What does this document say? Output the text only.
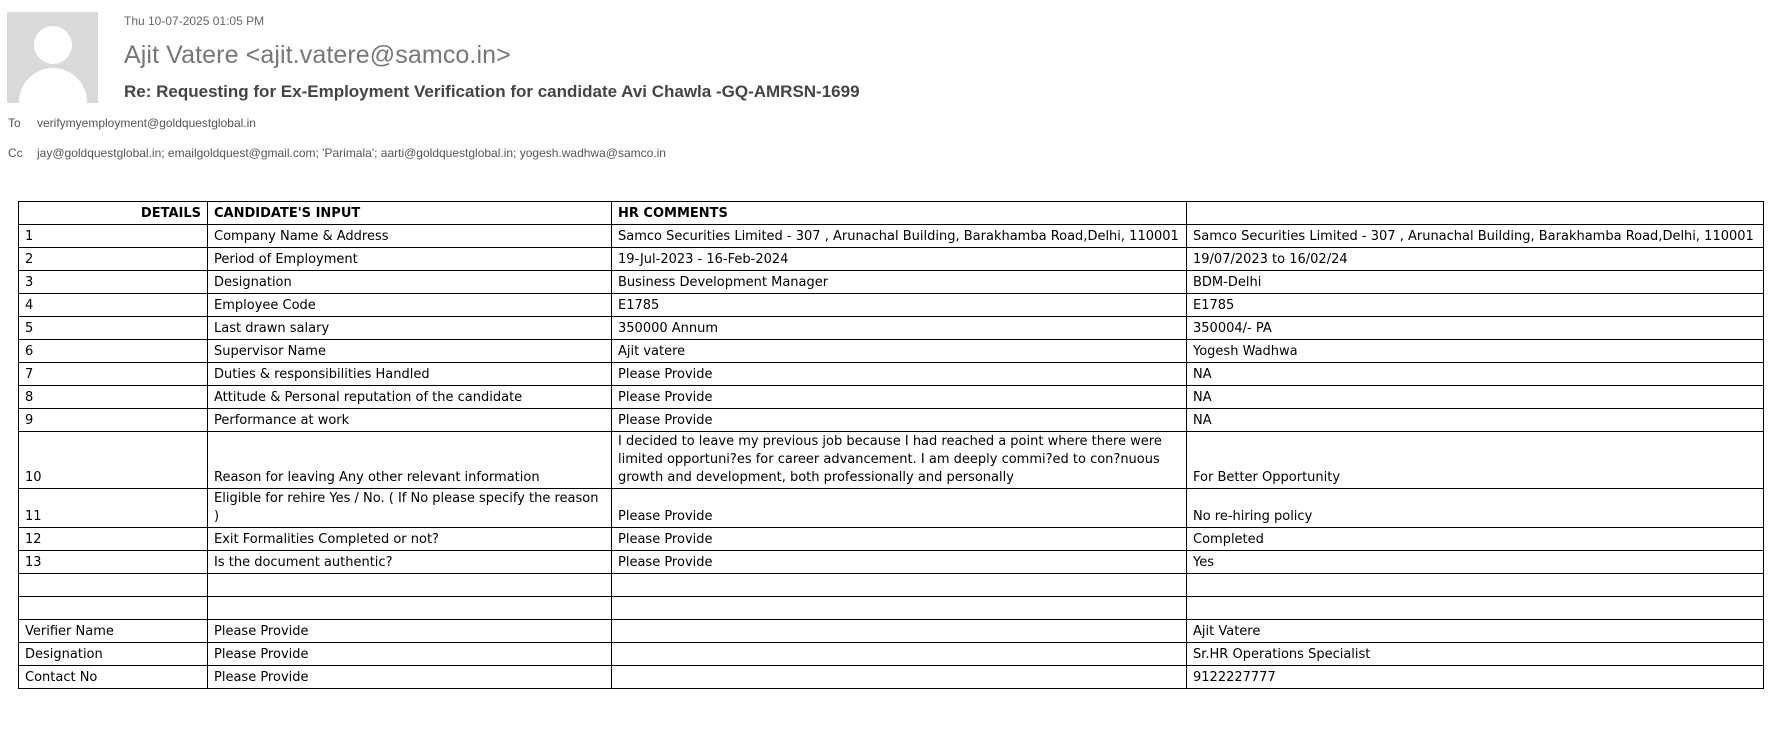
Thu 10-07-2025 01:05 PM
Ajit Vatere <ajit.vatere@samco.in>
Re: Requesting for Ex-Employment Verification for candidate Avi Chawla -GQ-AMRSN-1699
To verifymyemployment@goldquestglobal.in
Cc jay@goldquestglobal.in; emailgoldquest@gmail.com; 'Parimala'; aarti@goldquestglobal.in; yogesh.wadhwa@samco.in
DETAILS	CANDIDATE'S INPUT	HR COMMENTS	
1	Company Name & Address	Samco Securities Limited - 307 , Arunachal Building, Barakhamba Road,Delhi, 110001	Samco Securities Limited - 307 , Arunachal Building, Barakhamba Road,Delhi, 110001
2	Period of Employment	19-Jul-2023 - 16-Feb-2024	19/07/2023 to 16/02/24
3	Designation	Business Development Manager	BDM-Delhi
4	Employee Code	E1785	E1785
5	Last drawn salary	350000 Annum	350004/- PA
6	Supervisor Name	Ajit vatere	Yogesh Wadhwa
7	Duties & responsibilities Handled	Please Provide	NA
8	Attitude & Personal reputation of the candidate	Please Provide	NA
9	Performance at work	Please Provide	NA
10	Reason for leaving Any other relevant information	I decided to leave my previous job because I had reached a point where there were limited opportuni?es for career advancement. I am deeply commi?ed to con?nuous growth and development, both professionally and personally	For Better Opportunity
11	Eligible for rehire Yes / No. ( If No please specify the reason )	Please Provide	No re-hiring policy
12	Exit Formalities Completed or not?	Please Provide	Completed
13	Is the document authentic?	Please Provide	Yes

Verifier Name	Please Provide		Ajit Vatere
Designation	Please Provide		Sr.HR Operations Specialist
Contact No	Please Provide		9122227777
